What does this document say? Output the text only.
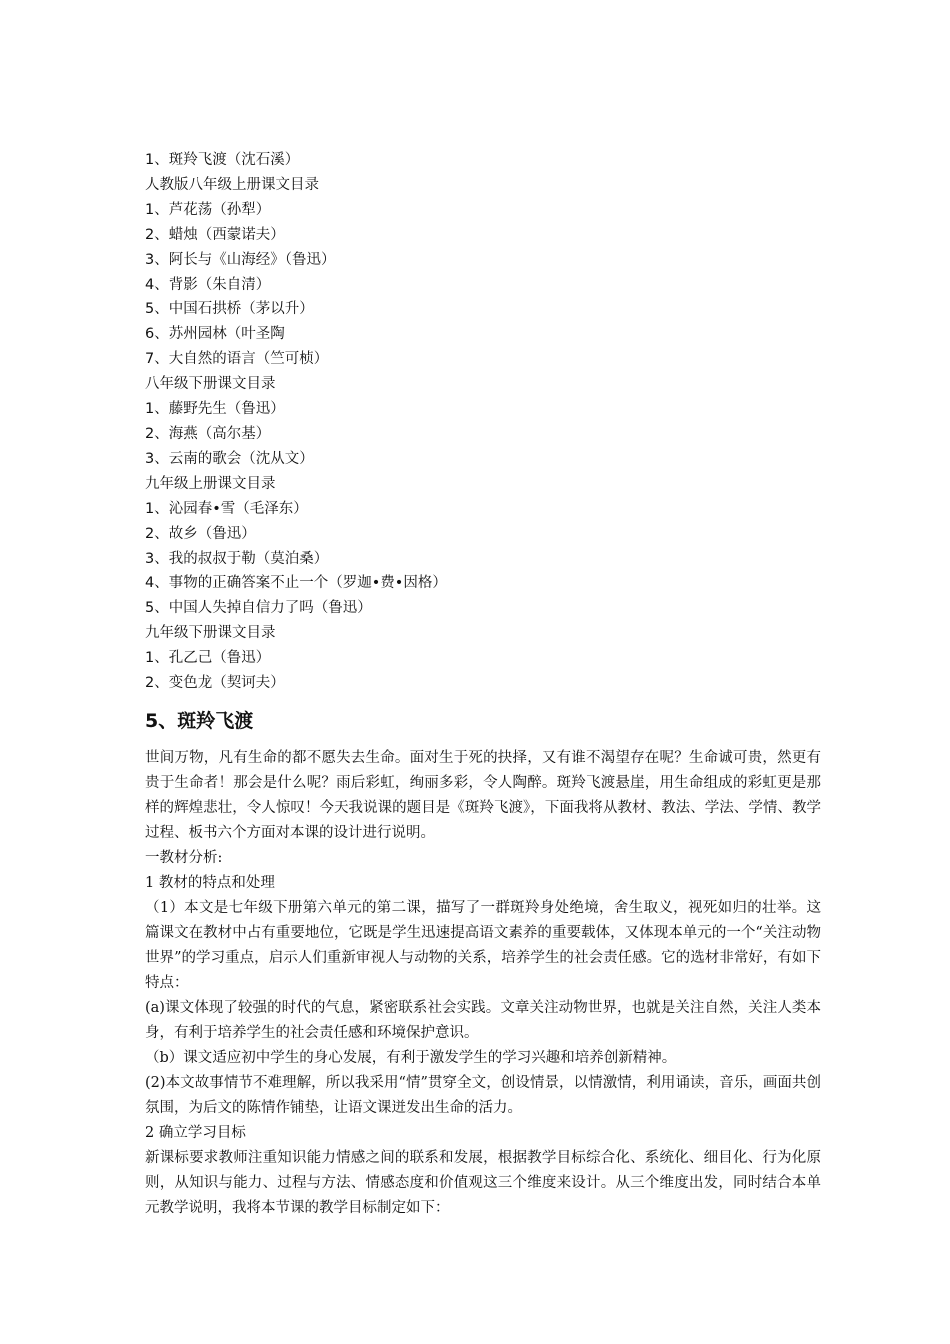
1、斑羚飞渡（沈石溪）
人教版八年级上册课文目录
1、芦花荡（孙犁）
2、蜡烛（西蒙诺夫）
3、阿长与《山海经》（鲁迅）
4、背影（朱自清）
5、中国石拱桥（茅以升）
6、苏州园林（叶圣陶
7、大自然的语言（竺可桢）
八年级下册课文目录
1、藤野先生（鲁迅）
2、海燕（高尔基）
3、云南的歌会（沈从文）
九年级上册课文目录
1、沁园春•雪（毛泽东）
2、故乡（鲁迅）
3、我的叔叔于勒（莫泊桑）
4、事物的正确答案不止一个（罗迦•费•因格）
5、中国人失掉自信力了吗（鲁迅）
九年级下册课文目录
1、孔乙己（鲁迅）
2、变色龙（契诃夫）
5、斑羚飞渡

世间万物，凡有生命的都不愿失去生命。面对生于死的抉择，又有谁不渴望存在呢？生命诚可贵，然更有贵于生命者！那会是什么呢？雨后彩虹，绚丽多彩，令人陶醉。斑羚飞渡悬崖，用生命组成的彩虹更是那样的辉煌悲壮，令人惊叹！今天我说课的题目是《斑羚飞渡》，下面我将从教材、教法、学法、学情、教学过程、板书六个方面对本课的设计进行说明。

一教材分析:

1 教材的特点和处理

（1）本文是七年级下册第六单元的第二课，描写了一群斑羚身处绝境，舍生取义，视死如归的壮举。这篇课文在教材中占有重要地位，它既是学生迅速提高语文素养的重要载体，又体现本单元的一个“关注动物世界”的学习重点，启示人们重新审视人与动物的关系，培养学生的社会责任感。它的选材非常好，有如下特点：

(a)课文体现了较强的时代的气息，紧密联系社会实践。文章关注动物世界，也就是关注自然，关注人类本身，有利于培养学生的社会责任感和环境保护意识。

（b）课文适应初中学生的身心发展，有利于激发学生的学习兴趣和培养创新精神。

(2)本文故事情节不难理解，所以我采用“情”贯穿全文，创设情景，以情激情，利用诵读，音乐，画面共创氛围，为后文的陈情作铺垫，让语文课迸发出生命的活力。

2 确立学习目标

新课标要求教师注重知识能力情感之间的联系和发展，根据教学目标综合化、系统化、细目化、行为化原则，从知识与能力、过程与方法、情感态度和价值观这三个维度来设计。从三个维度出发，同时结合本单元教学说明，我将本节课的教学目标制定如下：
